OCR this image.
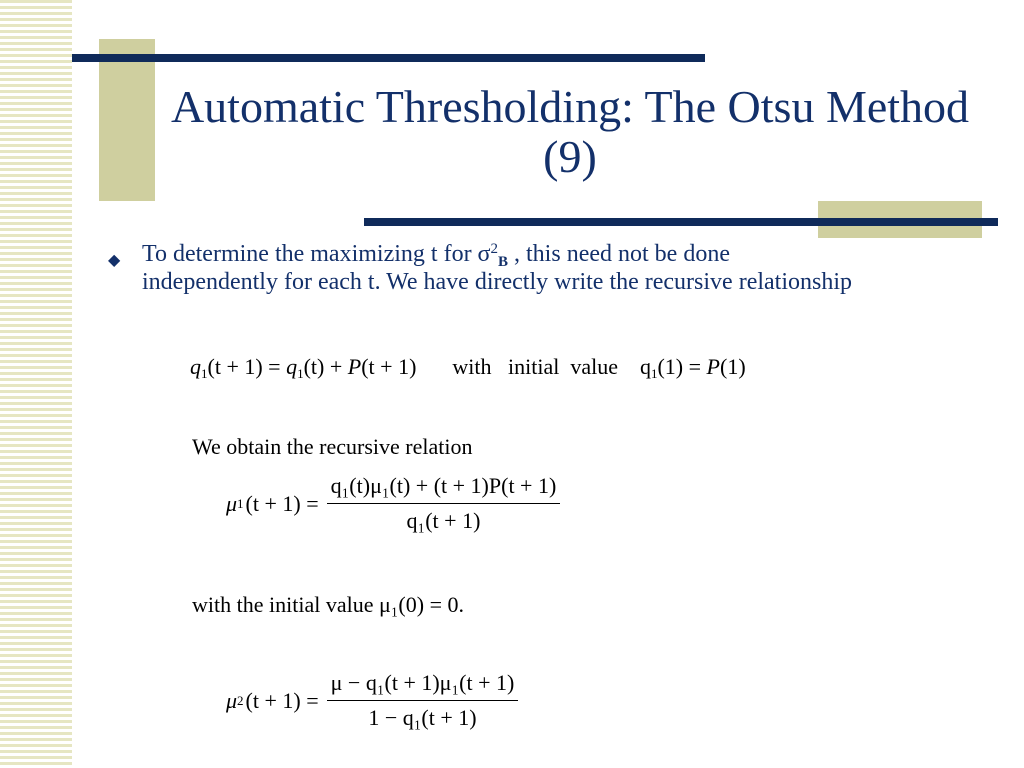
Automatic Thresholding: The Otsu Method (9)
◆ To determine the maximizing t for $\sigma^2_B$ , this need not be done independently for each t. We have directly write the recursive relationship
q1(t + 1) = q1(t) + P(t + 1) with   initial  value q1(1) = P(1)
We obtain the recursive relation
μ 1 $(t + 1) = \frac{\text{q₁(t)μ₁(t) + (t + 1)P(t + 1)}}{\text{q₁(t + 1)}}$
with the initial value μ₁(0) = 0.
μ 2 $(t + 1) = \frac{\text{μ − q₁(t + 1)μ₁(t + 1)}}{\text{1 − q₁(t + 1)}}$
